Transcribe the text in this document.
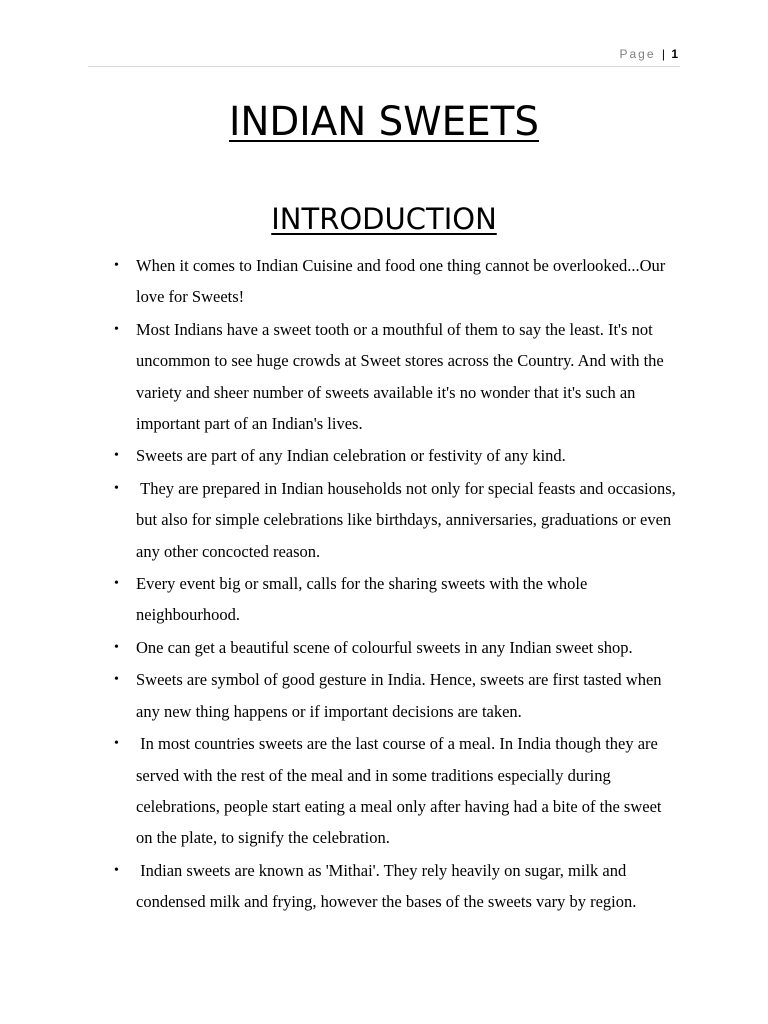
Page | 1
INDIAN SWEETS
INTRODUCTION
• When it comes to Indian Cuisine and food one thing cannot be overlooked...Our love for Sweets!
• Most Indians have a sweet tooth or a mouthful of them to say the least. It's not uncommon to see huge crowds at Sweet stores across the Country. And with the variety and sheer number of sweets available it's no wonder that it's such an important part of an Indian's lives.
• Sweets are part of any Indian celebration or festivity of any kind.
• They are prepared in Indian households not only for special feasts and occasions, but also for simple celebrations like birthdays, anniversaries, graduations or even any other concocted reason.
• Every event big or small, calls for the sharing sweets with the whole neighbourhood.
• One can get a beautiful scene of colourful sweets in any Indian sweet shop.
• Sweets are symbol of good gesture in India. Hence, sweets are first tasted when any new thing happens or if important decisions are taken.
• In most countries sweets are the last course of a meal. In India though they are served with the rest of the meal and in some traditions especially during celebrations, people start eating a meal only after having had a bite of the sweet on the plate, to signify the celebration.
• Indian sweets are known as 'Mithai'. They rely heavily on sugar, milk and condensed milk and frying, however the bases of the sweets vary by region.
